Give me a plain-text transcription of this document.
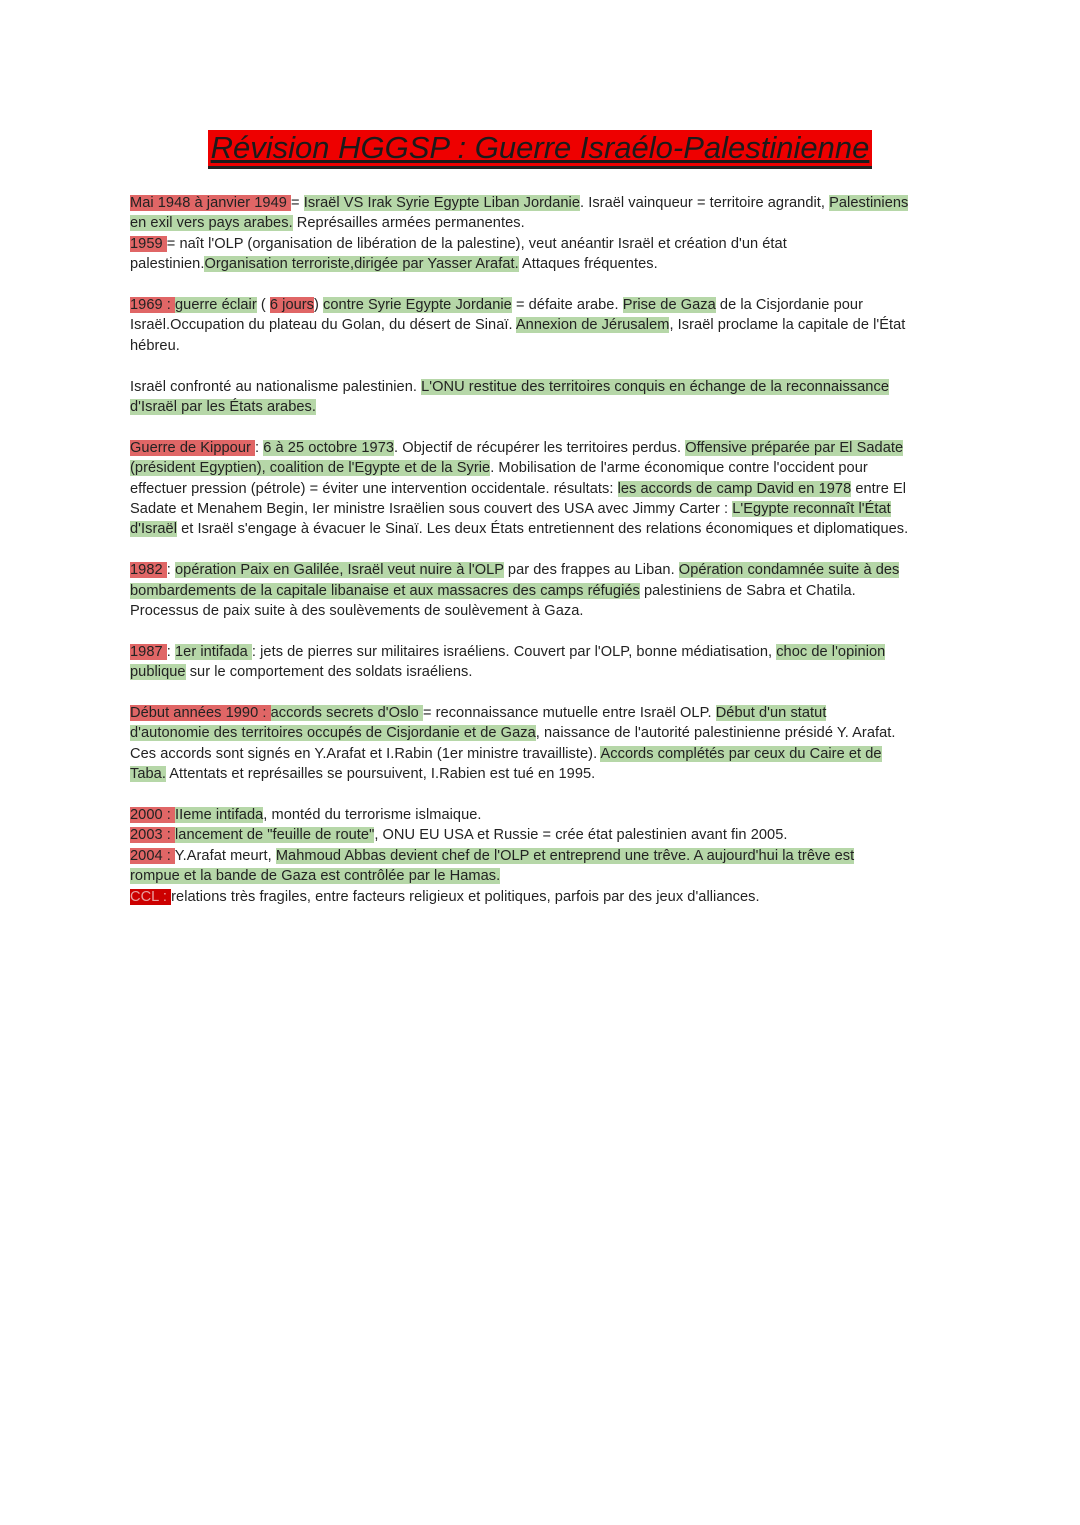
Révision HGGSP : Guerre Israélo-Palestinienne

Mai 1948 à janvier 1949 = Israël VS Irak Syrie Egypte Liban Jordanie. Israël vainqueur = territoire agrandit, Palestiniens
en exil vers pays arabes. Représailles armées permanentes.
1959 = naît l'OLP (organisation de libération de la palestine), veut anéantir Israël et création d'un état
palestinien.Organisation terroriste,dirigée par Yasser Arafat. Attaques fréquentes.

1969 : guerre éclair ( 6 jours) contre Syrie Egypte Jordanie = défaite arabe. Prise de Gaza de la Cisjordanie pour
Israël.Occupation du plateau du Golan, du désert de Sinaï. Annexion de Jérusalem, Israël proclame la capitale de l'État
hébreu.

Israël confronté au nationalisme palestinien. L'ONU restitue des territoires conquis en échange de la reconnaissance
d'Israël par les États arabes.

Guerre de Kippour : 6 à 25 octobre 1973. Objectif de récupérer les territoires perdus. Offensive préparée par El Sadate
(président Egyptien), coalition de l'Egypte et de la Syrie. Mobilisation de l'arme économique contre l'occident pour
effectuer pression (pétrole) = éviter une intervention occidentale. résultats: les accords de camp David en 1978 entre El
Sadate et Menahem Begin, Ier ministre Israëlien sous couvert des USA avec Jimmy Carter : L'Egypte reconnaît l'État
d'Israël et Israël s'engage à évacuer le Sinaï. Les deux États entretiennent des relations économiques et diplomatiques.

1982 : opération Paix en Galilée, Israël veut nuire à l'OLP par des frappes au Liban. Opération condamnée suite à des
bombardements de la capitale libanaise et aux massacres des camps réfugiés palestiniens de Sabra et Chatila.
Processus de paix suite à des soulèvements de soulèvement à Gaza.

1987 : 1er intifada : jets de pierres sur militaires israéliens. Couvert par l'OLP, bonne médiatisation, choc de l'opinion
publique sur le comportement des soldats israéliens.

Début années 1990 : accords secrets d'Oslo = reconnaissance mutuelle entre Israël OLP. Début d'un statut
d'autonomie des territoires occupés de Cisjordanie et de Gaza, naissance de l'autorité palestinienne présidé Y. Arafat.
Ces accords sont signés en Y.Arafat et I.Rabin (1er ministre travailliste). Accords complétés par ceux du Caire et de
Taba. Attentats et représailles se poursuivent, I.Rabien est tué en 1995.

2000 : IIeme intifada, montéd du terrorisme islmaique.
2003 : lancement de "feuille de route", ONU EU USA et Russie = crée état palestinien avant fin 2005.
2004 : Y.Arafat meurt, Mahmoud Abbas devient chef de l'OLP et entreprend une trêve. A aujourd'hui la trêve est
rompue et la bande de Gaza est contrôlée par le Hamas.
CCL : relations très fragiles, entre facteurs religieux et politiques, parfois par des jeux d'alliances.
